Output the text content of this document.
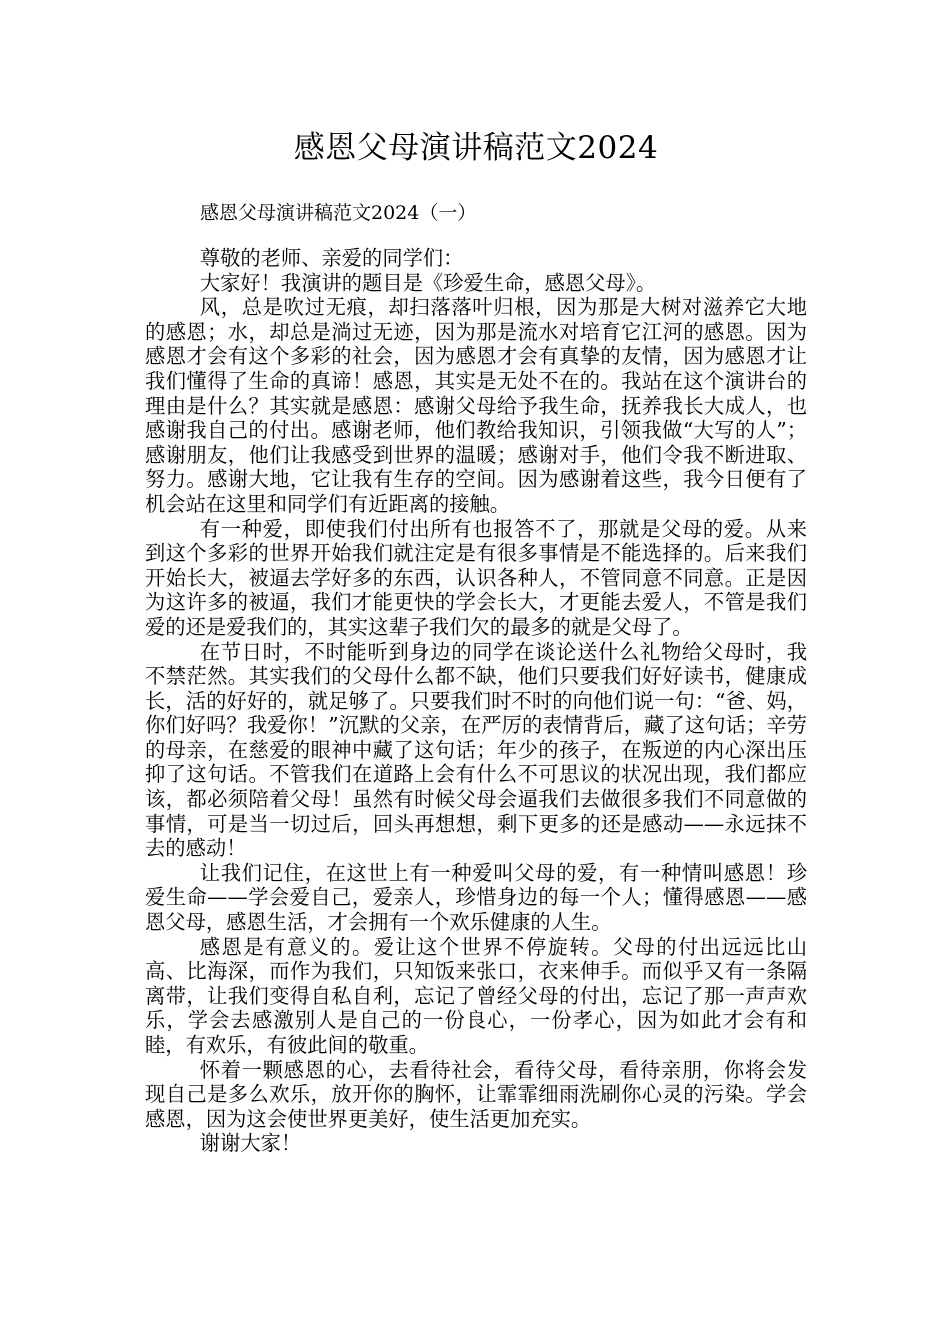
感恩父母演讲稿范文2024
感恩父母演讲稿范文2024（一）

尊敬的老师、亲爱的同学们：

大家好！我演讲的题目是《珍爱生命，感恩父母》。

风，总是吹过无痕，却扫落落叶归根，因为那是大树对滋养它大地的感恩；水，却总是淌过无迹，因为那是流水对培育它江河的感恩。因为感恩才会有这个多彩的社会，因为感恩才会有真挚的友情，因为感恩才让我们懂得了生命的真谛！感恩，其实是无处不在的。我站在这个演讲台的理由是什么？其实就是感恩：感谢父母给予我生命，抚养我长大成人，也感谢我自己的付出。感谢老师，他们教给我知识，引领我做“大写的人”；感谢朋友，他们让我感受到世界的温暖；感谢对手，他们令我不断进取、努力。感谢大地，它让我有生存的空间。因为感谢着这些，我今日便有了机会站在这里和同学们有近距离的接触。

有一种爱，即使我们付出所有也报答不了，那就是父母的爱。从来到这个多彩的世界开始我们就注定是有很多事情是不能选择的。后来我们开始长大，被逼去学好多的东西，认识各种人，不管同意不同意。正是因为这许多的被逼，我们才能更快的学会长大，才更能去爱人，不管是我们爱的还是爱我们的，其实这辈子我们欠的最多的就是父母了。

在节日时，不时能听到身边的同学在谈论送什么礼物给父母时，我不禁茫然。其实我们的父母什么都不缺，他们只要我们好好读书，健康成长，活的好好的，就足够了。只要我们时不时的向他们说一句：“爸、妈，你们好吗？我爱你！”沉默的父亲，在严厉的表情背后，藏了这句话；辛劳的母亲，在慈爱的眼神中藏了这句话；年少的孩子，在叛逆的内心深出压抑了这句话。不管我们在道路上会有什么不可思议的状况出现，我们都应该，都必须陪着父母！虽然有时候父母会逼我们去做很多我们不同意做的事情，可是当一切过后，回头再想想，剩下更多的还是感动——永远抹不去的感动！

让我们记住，在这世上有一种爱叫父母的爱，有一种情叫感恩！珍爱生命——学会爱自己，爱亲人，珍惜身边的每一个人；懂得感恩——感恩父母，感恩生活，才会拥有一个欢乐健康的人生。

感恩是有意义的。爱让这个世界不停旋转。父母的付出远远比山高、比海深，而作为我们，只知饭来张口，衣来伸手。而似乎又有一条隔离带，让我们变得自私自利，忘记了曾经父母的付出，忘记了那一声声欢乐，学会去感激别人是自己的一份良心，一份孝心，因为如此才会有和睦，有欢乐，有彼此间的敬重。

怀着一颗感恩的心，去看待社会，看待父母，看待亲朋，你将会发现自己是多么欢乐，放开你的胸怀，让霏霏细雨洗刷你心灵的污染。学会感恩，因为这会使世界更美好，使生活更加充实。

谢谢大家！
